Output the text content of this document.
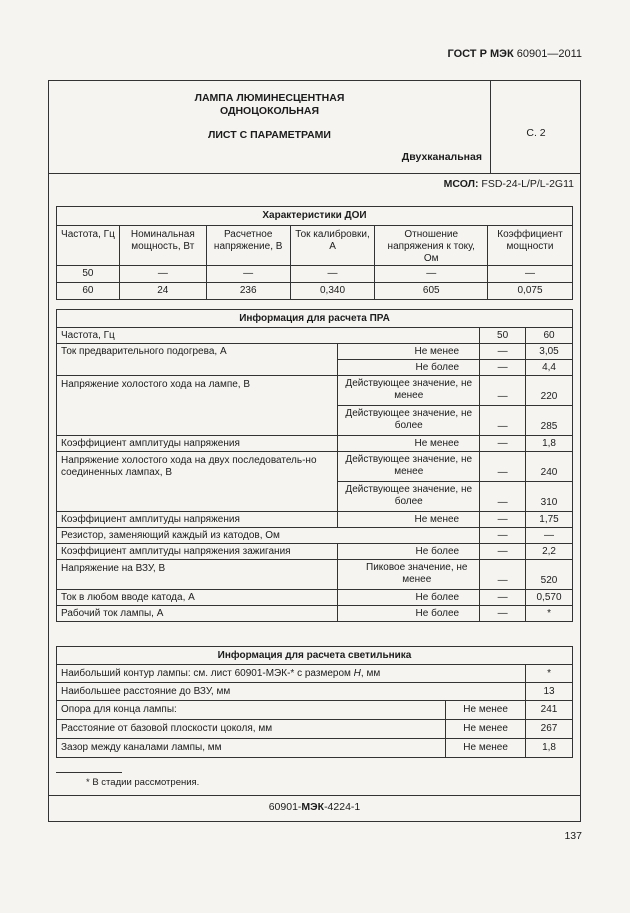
ГОСТ Р МЭК 60901—2011
ЛАМПА ЛЮМИНЕСЦЕНТНАЯ
ОДНОЦОКОЛЬНАЯ
ЛИСТ С ПАРАМЕТРАМИ
Двухканальная
С. 2
МСОЛ: FSD-24-L/P/L-2G11
Характеристики ДОИ					
Частота, Гц	Номинальная мощность, Вт	Расчетное напряжение, В	Ток калибровки, А	Отношение напряжения к току, Ом	Коэффициент мощности
50	—	—	—	—	—
60	24	236	0,340	605	0,075
Информация для расчета ПРА			
Частота, Гц		50	60
Ток предварительного подогрева, А	Не менее	—	3,05
	Не более	—	4,4
Напряжение холостого хода на лампе, В	Действующее значение, не менее	—	220
	Действующее значение, не более	—	285
Коэффициент амплитуды напряжения	Не менее	—	1,8
Напряжение холостого хода на двух последователь-но соединенных лампах, В	Действующее значение, не менее	—	240
	Действующее значение, не более	—	310
Коэффициент амплитуды напряжения	Не менее	—	1,75
Резистор, заменяющий каждый из катодов, Ом		—	—
Коэффициент амплитуды напряжения зажигания	Не более	—	2,2
Напряжение на ВЗУ, В	Пиковое значение, не менее	—	520
Ток в любом вводе катода, А	Не более	—	0,570
Рабочий ток лампы, А	Не более	—	*
Информация для расчета светильника		
Наибольший контур лампы: см. лист 60901-МЭК-* с размером H, мм		*
Наибольшее расстояние до ВЗУ, мм		13
Опора для конца лампы:	Не менее	241
Расстояние от базовой плоскости цоколя, мм	Не менее	267
Зазор между каналами лампы, мм	Не менее	1,8
* В стадии рассмотрения.
60901-МЭК-4224-1
137
